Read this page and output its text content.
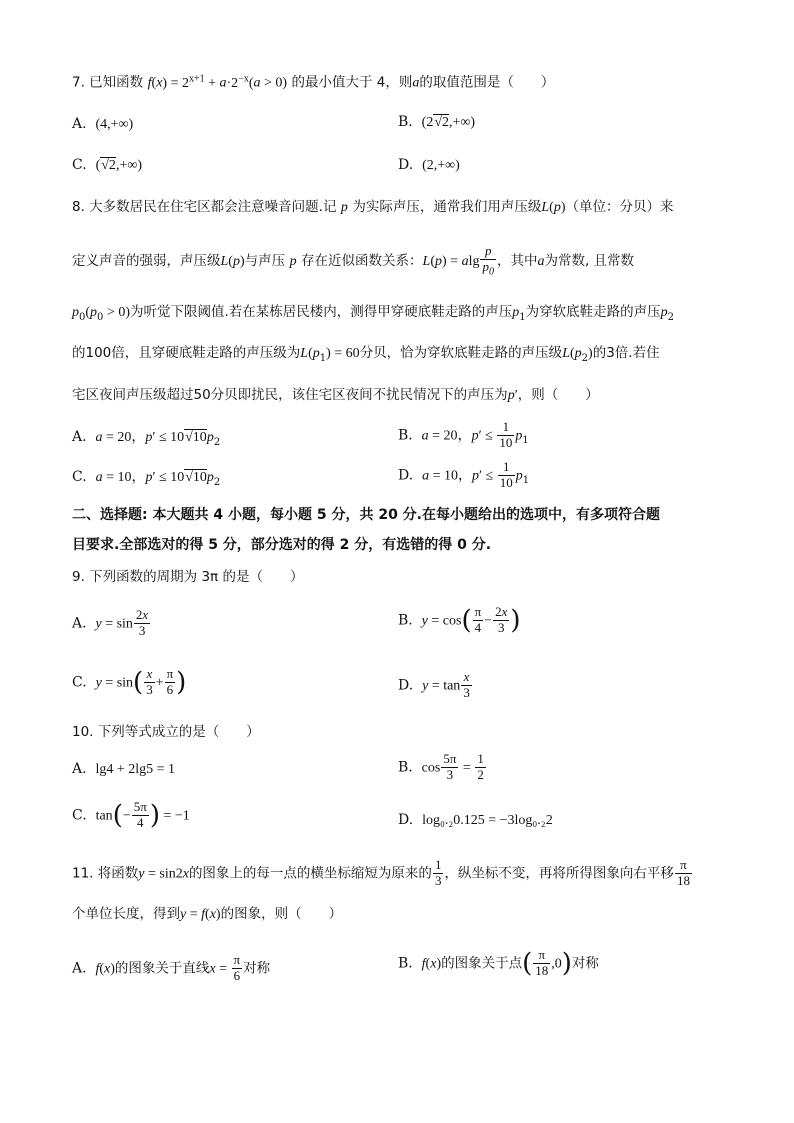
7. 已知函数 $f(x) = 2^{x+1} + a\cdot 2^{-x}(a > 0)$ 的最小值大于 4，则a的取值范围是（　　）
A. (4,+∞)	B. (2√2,+∞)
C. (√2,+∞)	D. (2,+∞)
8. 大多数居民在住宅区都会注意噪音问题.记 p 为实际声压，通常我们用声压级L(p)（单位：分贝）来
定义声音的强弱，声压级L(p)与声压 p 存在近似函数关系：L(p) = alg $\frac{p}{p_0}$ ，其中a为常数, 且常数
$p_0(p_0 > 0)$为听觉下限阈值.若在某栋居民楼内，测得甲穿硬底鞋走路的声压$p_1$为穿软底鞋走路的声压$p_2$
的100倍，且穿硬底鞋走路的声压级为$L(p_1) = 60$分贝，恰为穿软底鞋走路的声压级$L(p_2)$的3倍.若住
宅区夜间声压级超过50分贝即扰民，该住宅区夜间不扰民情况下的声压为p′，则（　　）
A. a = 20，$p' \le 10√10p_2$	B. a = 20，$p' \le \frac{1}{10} p_1$
C. a = 10，$p' \le 10√10p_2$	D. a = 10，$p' \le \frac{1}{10} p_1$
二、选择题: 本大题共 4 小题，每小题 5 分，共 20 分.在每小题给出的选项中，有多项符合题
目要求.全部选对的得 5 分，部分选对的得 2 分，有选错的得 0 分.
9. 下列函数的周期为 3π 的是（　　）
A. $y = \sin \frac{2x}{3}$	B. $y = \cos( \frac{\pi}{4} - \frac{2x}{3}$ )
C. $y = \sin( \frac{x}{3} + \frac{\pi}{6}$ )	D. $y = \tan \frac{x}{3}$
10. 下列等式成立的是（　　）
A. lg4 + 2lg5 = 1	B. $\cos \frac{5\pi}{3} = \frac{1}{2}$
C. $\tan(- \frac{5\pi}{4}$ ) = −1	D. log₀.₂0.125 = −3log₀.₂2
11. 将函数y = sin2x的图象上的每一点的横坐标缩短为原来的 $\frac{1}{3}$ ，纵坐标不变，再将所得图象向右平移 $\frac{\pi}{18}$
个单位长度，得到y = f(x)的图象，则（　　）
A. f(x)的图象关于直线$x = \frac{\pi}{6}$ 对称	B. f(x)的图象关于点( $\frac{\pi}{18} ,0$)对称
